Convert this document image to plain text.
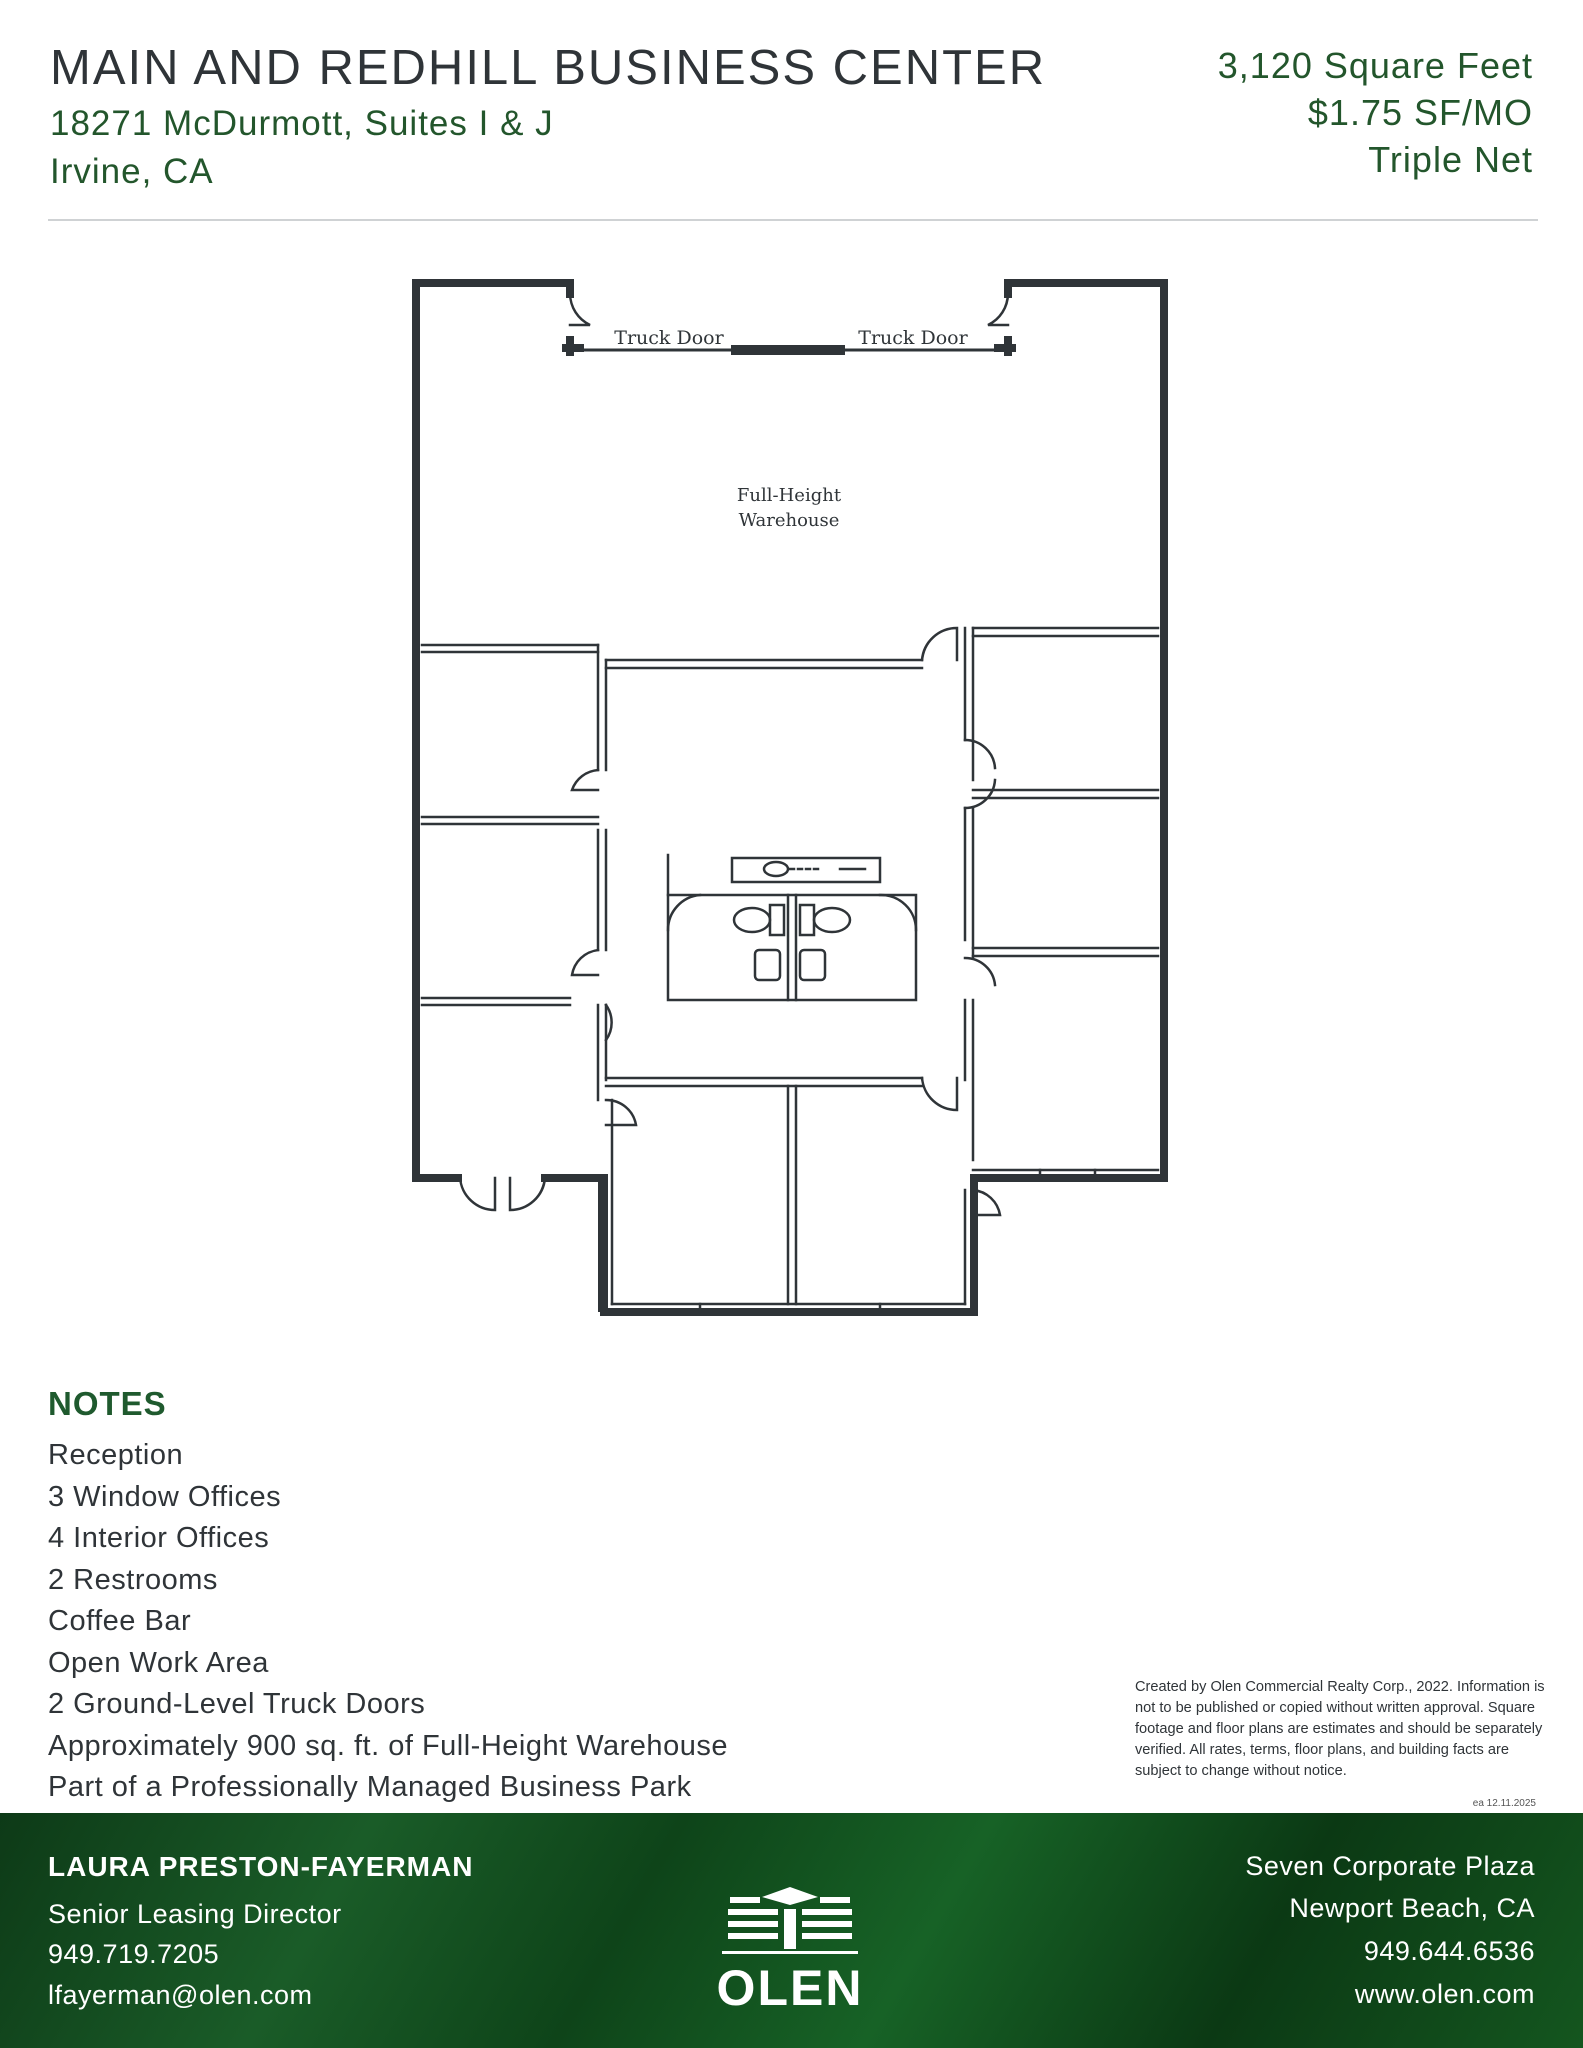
MAIN AND REDHILL BUSINESS CENTER
18271 McDurmott, Suites I & J
Irvine, CA
3,120 Square Feet
$1.75 SF/MO
Triple Net
Truck Door	Truck Door
Full-Height
Warehouse
NOTES
Reception
3 Window Offices
4 Interior Offices
2 Restrooms
Coffee Bar
Open Work Area
2 Ground-Level Truck Doors
Approximately 900 sq. ft. of Full-Height Warehouse
Part of a Professionally Managed Business Park
Created by Olen Commercial Realty Corp., 2022. Information is not to be published or copied without written approval. Square footage and floor plans are estimates and should be separately verified. All rates, terms, floor plans, and building facts are subject to change without notice.
ea 12.11.2025
LAURA PRESTON-FAYERMAN
Senior Leasing Director
949.719.7205
lfayerman@olen.com	OLEN
Seven Corporate Plaza
Newport Beach, CA
949.644.6536
www.olen.com
